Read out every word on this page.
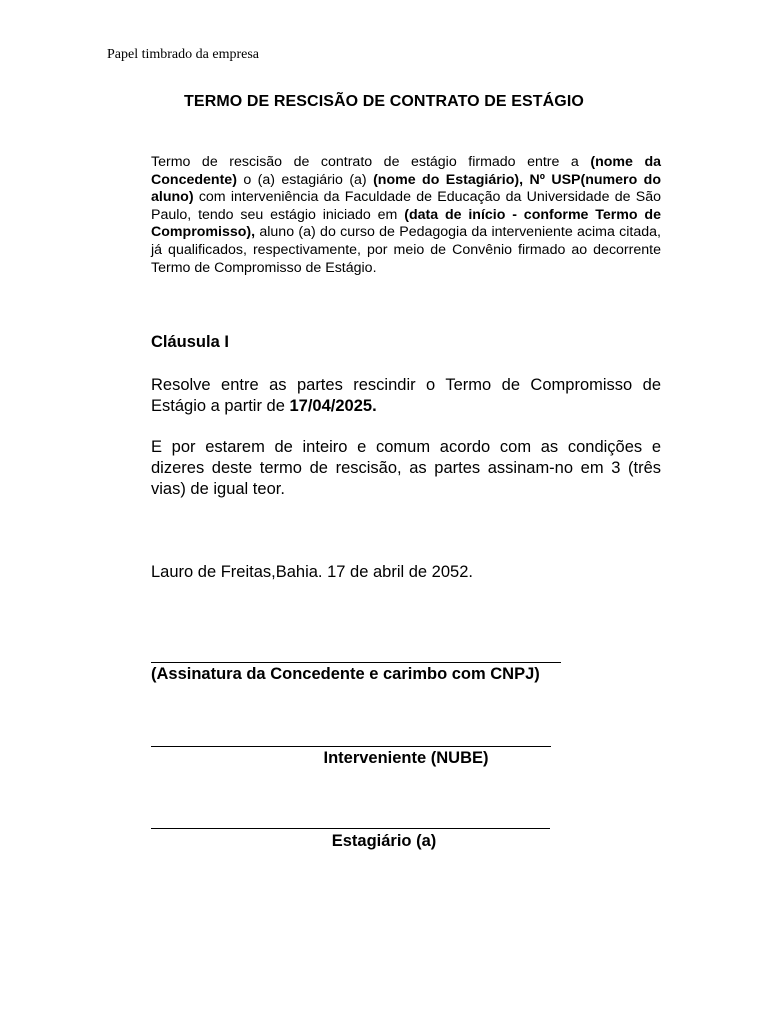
Papel timbrado da empresa
TERMO DE RESCISÃO DE CONTRATO DE ESTÁGIO
Termo de rescisão de contrato de estágio firmado entre a (nome da Concedente) o (a) estagiário (a) (nome do Estagiário), Nº USP(numero do aluno) com interveniência da Faculdade de Educação da Universidade de São Paulo, tendo seu estágio iniciado em (data de início - conforme Termo de Compromisso), aluno (a) do curso de Pedagogia da interveniente acima citada, já qualificados, respectivamente, por meio de Convênio firmado ao decorrente Termo de Compromisso de Estágio.
Cláusula I
Resolve entre as partes rescindir o Termo de Compromisso de Estágio a partir de 17/04/2025.
E por estarem de inteiro e comum acordo com as condições e dizeres deste termo de rescisão, as partes assinam-no em 3 (três vias) de igual teor.
Lauro de Freitas,Bahia. 17 de abril de 2052.
(Assinatura da Concedente e carimbo com CNPJ)
Interveniente (NUBE)
Estagiário (a)
